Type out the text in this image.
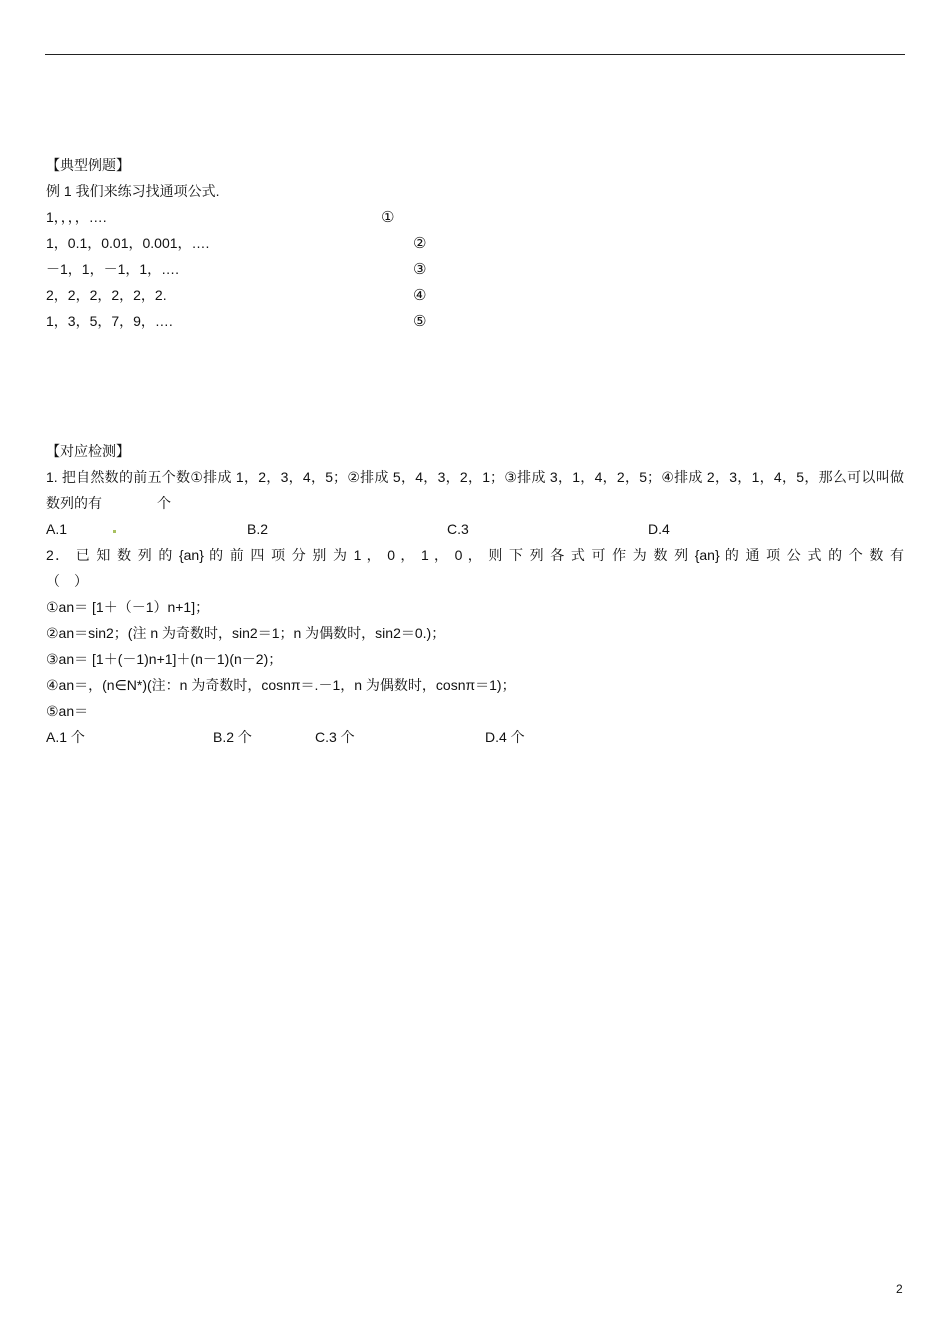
【典型例题】
例 1 我们来练习找通项公式.
1，，，，….	①
1，0.1，0.01，0.001，….	②
－1，1，－1，1，….	③
2，2，2，2，2，2.	④
1，3，5，7，9，….	⑤
【对应检测】
1. 把自然数的前五个数①排成 1，2，3，4，5；②排成 5，4，3，2，1；③排成 3，1，4，2，5；④排成 2，3，1，4，5，那么可以叫做
数列的有	个
A.1	B.2	C.3	D.4
2． 已 知 数 列 的 {an} 的 前 四 项 分 别 为 1 ， 0 ， 1 ， 0 ， 则 下 列 各 式 可 作 为 数 列 {an} 的 通 项 公 式 的 个 数 有
（　）
①an＝ [1＋（－1）n+1]；
②an＝sin2；(注 n 为奇数时，sin2＝1；n 为偶数时，sin2＝0.)；
③an＝ [1＋(－1)n+1]＋(n－1)(n－2)；
④an＝，(n∈N*)(注：n 为奇数时，cosnπ＝.－1，n 为偶数时，cosnπ＝1)；
⑤an＝
A.1 个	B.2 个	C.3 个	D.4 个
2
